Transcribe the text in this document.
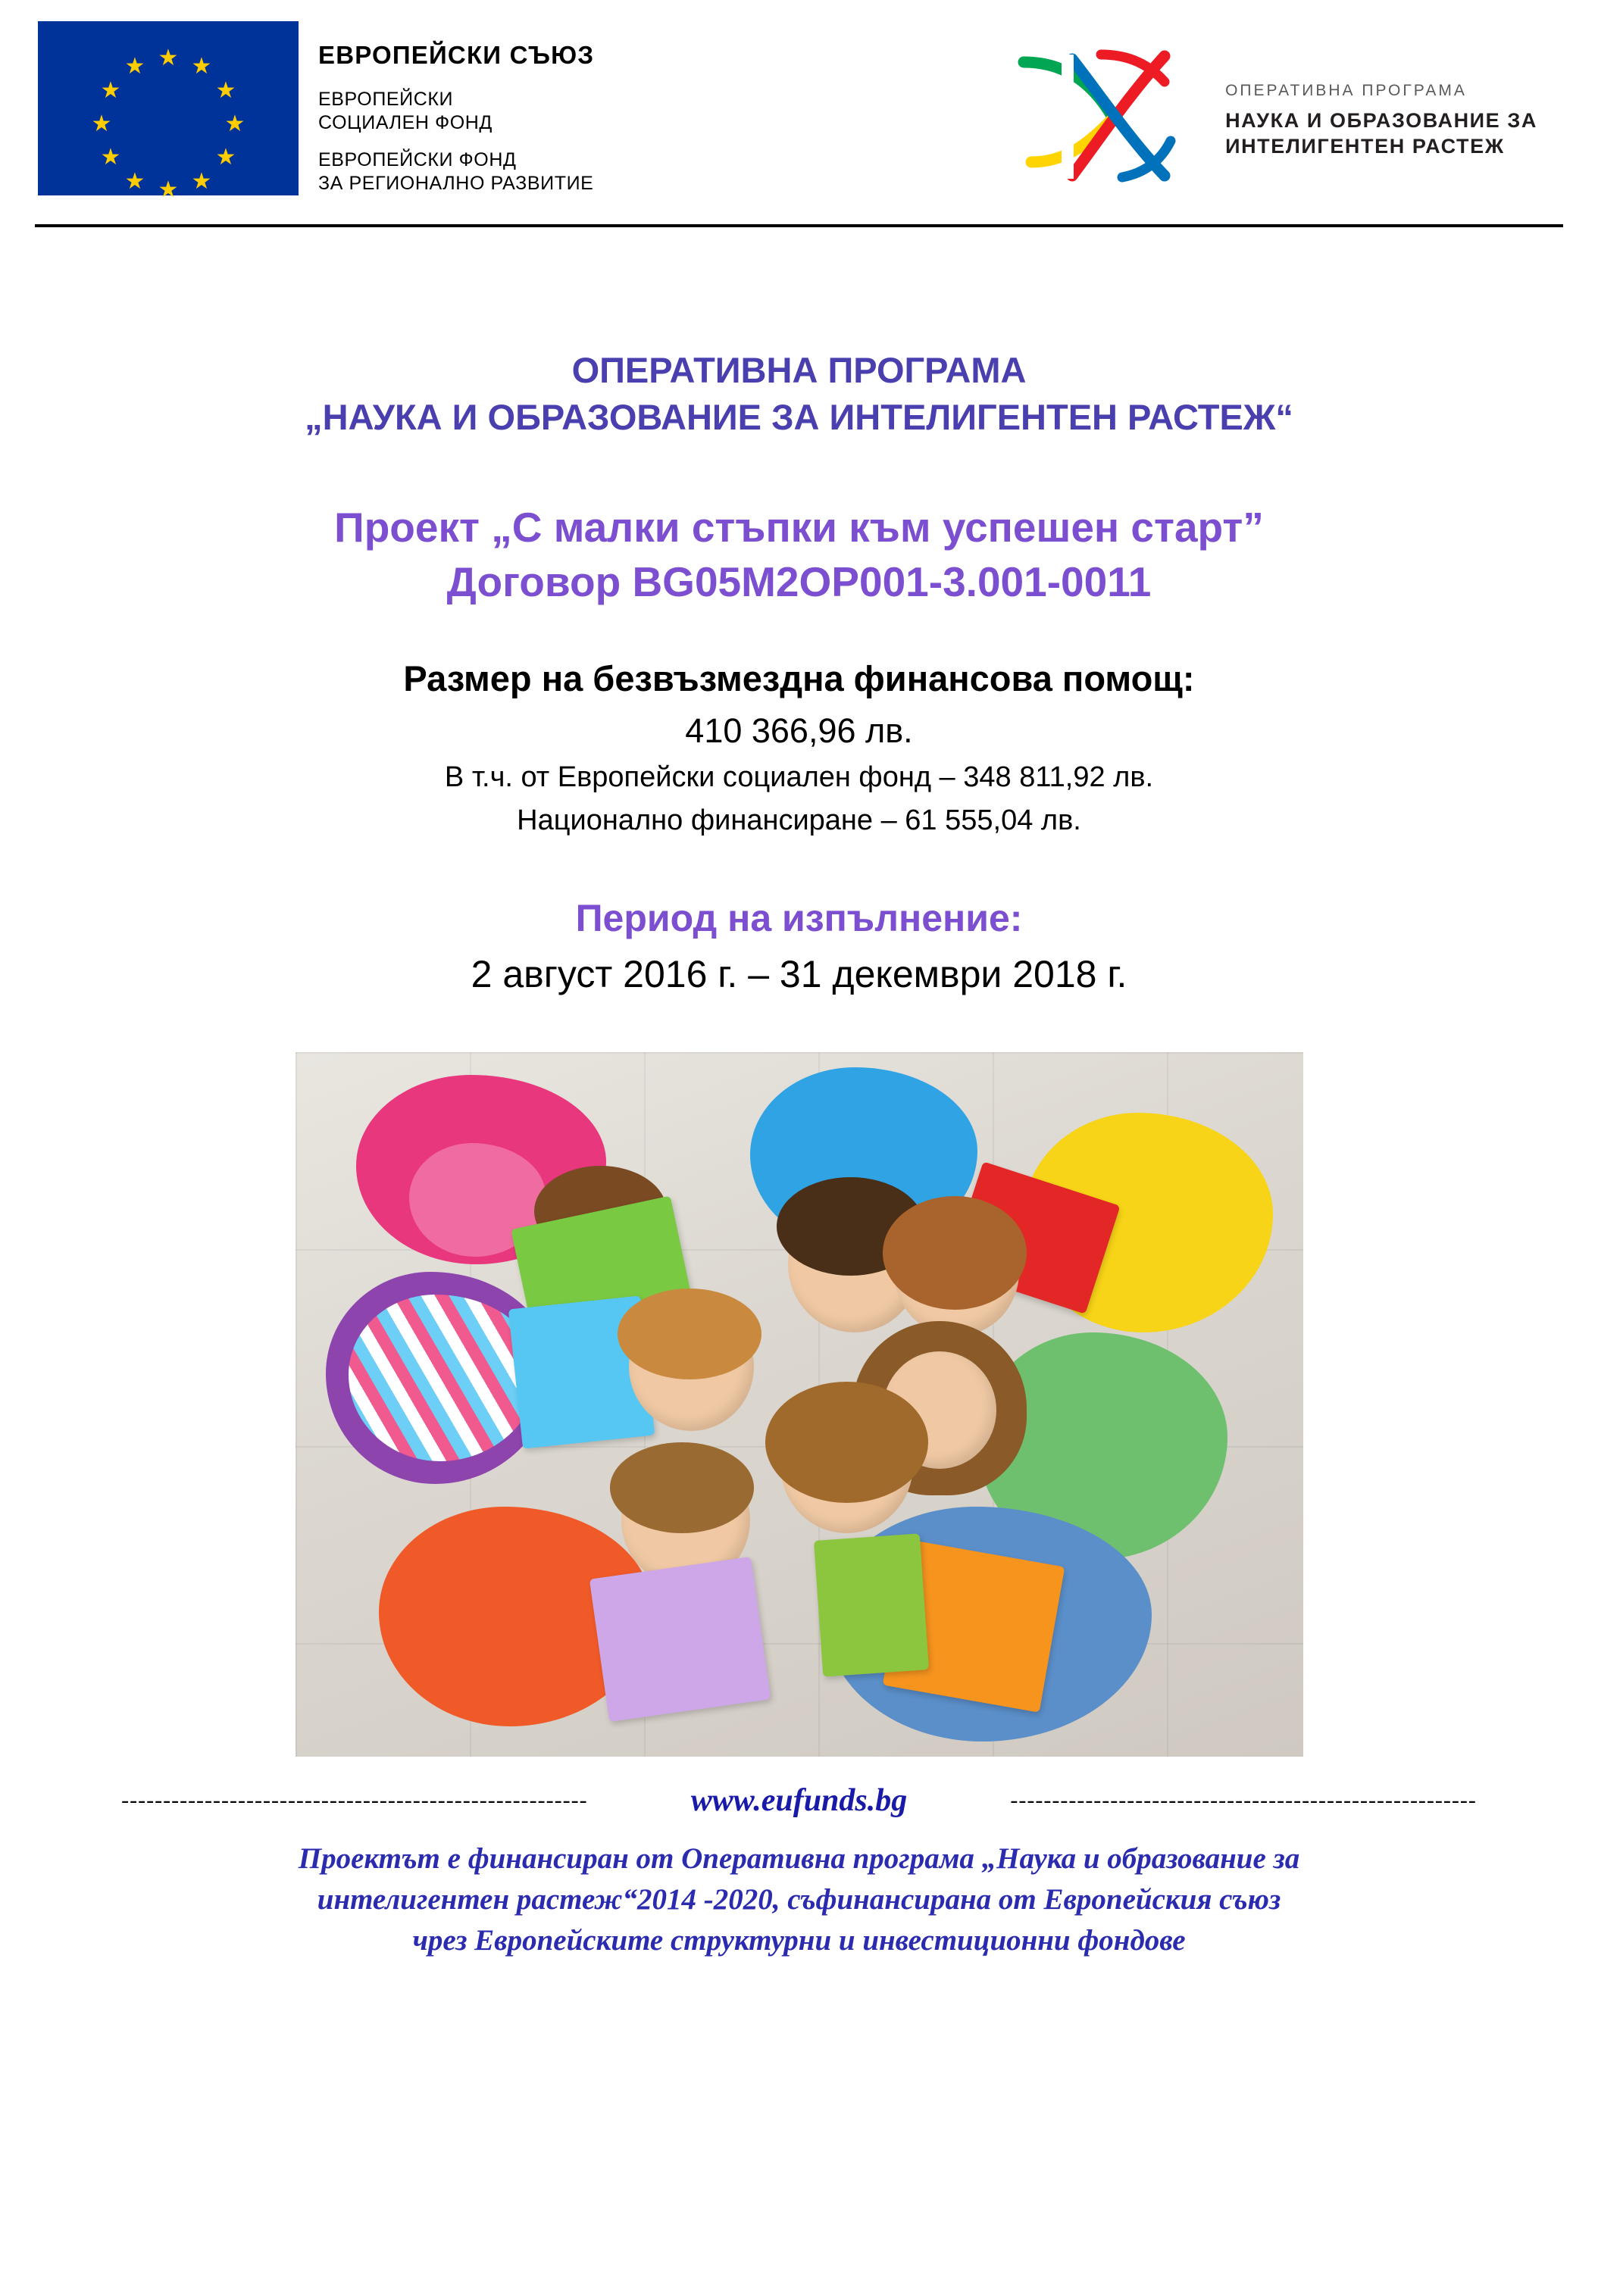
★ ★
★
★
★
★
★
★
★
★
★
★	ЕВРОПЕЙСКИ СЪЮЗ
ЕВРОПЕЙСКИ
СОЦИАЛЕН ФОНД
ЕВРОПЕЙСКИ ФОНД
ЗА РЕГИОНАЛНО РАЗВИТИЕ
ОПЕРАТИВНА ПРОГРАМА
НАУКА И ОБРАЗОВАНИЕ ЗА
ИНТЕЛИГЕНТЕН РАСТЕЖ
ОПЕРАТИВНА ПРОГРАМА
„НАУКА И ОБРАЗОВАНИЕ ЗА ИНТЕЛИГЕНТЕН РАСТЕЖ“
Проект „С малки стъпки към успешен старт”
Договор BG05M2OP001-3.001-0011
Размер на безвъзмездна финансова помощ:
410 366,96 лв.
В т.ч. от Европейски социален фонд – 348 811,92 лв.
Национално финансиране – 61 555,04 лв.
Период на изпълнение:
2 август 2016 г. – 31 декември 2018 г.
--------------------------------------------------------	www.eufunds.bg	--------------------------------------------------------
Проектът е финансиран от Оперативна програма „Наука и образование за
интелигентен растеж“2014 -2020, съфинансирана от Европейския съюз
чрез Европейските структурни и инвестиционни фондове
